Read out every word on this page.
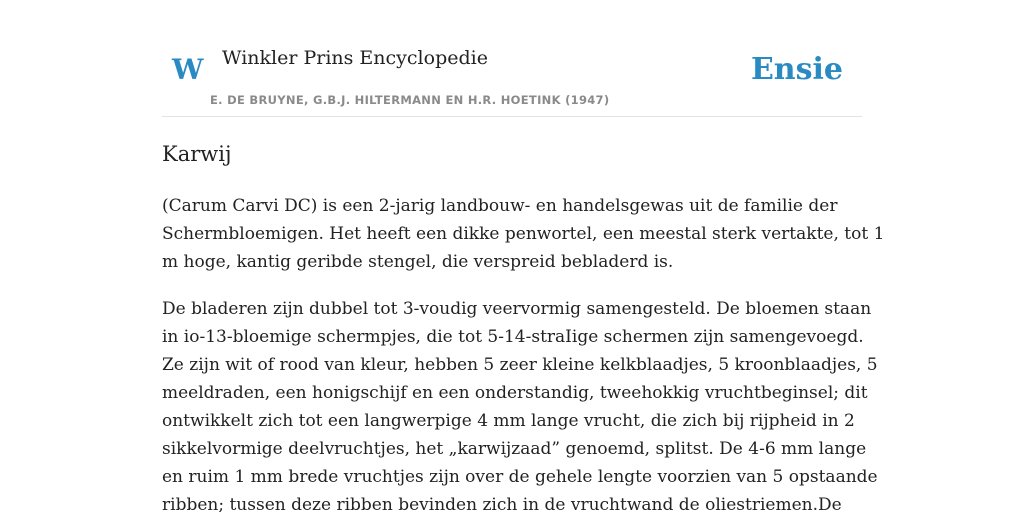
W Winkler Prins Encyclopedie
E. DE BRUYNE, G.B.J. HILTERMANN EN H.R. HOETINK (1947)
Ensie
Karwij

(Carum Carvi DC) is een 2-jarig landbouw- en handelsgewas uit de familie der
Schermbloemigen. Het heeft een dikke penwortel, een meestal sterk vertakte, tot 1
m hoge, kantig geribde stengel, die verspreid bebladerd is.

De bladeren zijn dubbel tot 3-voudig veervormig samengesteld. De bloemen staan
in io-13-bloemige schermpjes, die tot 5-14-straIige schermen zijn samengevoegd.
Ze zijn wit of rood van kleur, hebben 5 zeer kleine kelkblaadjes, 5 kroonblaadjes, 5
meeldraden, een honigschijf en een onderstandig, tweehokkig vruchtbeginsel; dit
ontwikkelt zich tot een langwerpige 4 mm lange vrucht, die zich bij rijpheid in 2
sikkelvormige deelvruchtjes, het „karwijzaad” genoemd, splitst. De 4-6 mm lange
en ruim 1 mm brede vruchtjes zijn over de gehele lengte voorzien van 5 opstaande
ribben; tussen deze ribben bevinden zich in de vruchtwand de oliestriemen.De
